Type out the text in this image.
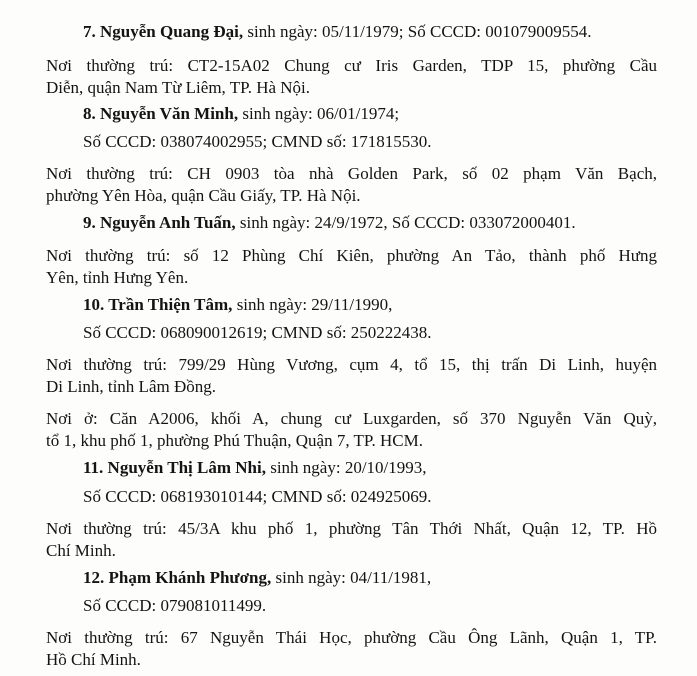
7. Nguyễn Quang Đại, sinh ngày: 05/11/1979; Số CCCD: 001079009554.
Nơi thường trú: CT2-15A02 Chung cư Iris Garden, TDP 15, phường Cầu
Diễn, quận Nam Từ Liêm, TP. Hà Nội.
8. Nguyễn Văn Minh, sinh ngày: 06/01/1974;
Số CCCD: 038074002955; CMND số: 171815530.
Nơi thường trú: CH 0903 tòa nhà Golden Park, số 02 phạm Văn Bạch,
phường Yên Hòa, quận Cầu Giấy, TP. Hà Nội.
9. Nguyễn Anh Tuấn, sinh ngày: 24/9/1972, Số CCCD: 033072000401.
Nơi thường trú: số 12 Phùng Chí Kiên, phường An Tảo, thành phố Hưng
Yên, tỉnh Hưng Yên.
10. Trần Thiện Tâm, sinh ngày: 29/11/1990,
Số CCCD: 068090012619; CMND số: 250222438.
Nơi thường trú: 799/29 Hùng Vương, cụm 4, tổ 15, thị trấn Di Linh, huyện
Di Linh, tỉnh Lâm Đồng.
Nơi ở: Căn A2006, khối A, chung cư Luxgarden, số 370 Nguyễn Văn Quỳ,
tổ 1, khu phố 1, phường Phú Thuận, Quận 7, TP. HCM.
11. Nguyễn Thị Lâm Nhi, sinh ngày: 20/10/1993,
Số CCCD: 068193010144; CMND số: 024925069.
Nơi thường trú: 45/3A khu phố 1, phường Tân Thới Nhất, Quận 12, TP. Hồ
Chí Minh.
12. Phạm Khánh Phương, sinh ngày: 04/11/1981,
Số CCCD: 079081011499.
Nơi thường trú: 67 Nguyễn Thái Học, phường Cầu Ông Lãnh, Quận 1, TP.
Hồ Chí Minh.
